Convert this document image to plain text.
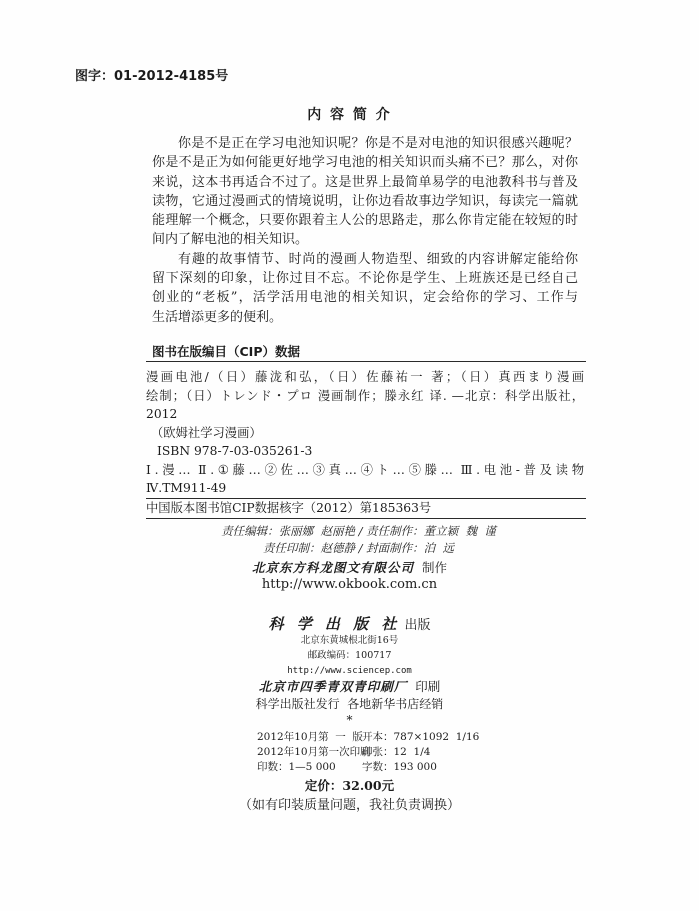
图字：01-2012-4185号
内 容 简 介
你是不是正在学习电池知识呢？你是不是对电池的知识很感兴趣呢？
你是不是正为如何能更好地学习电池的相关知识而头痛不已？那么，对你
来说，这本书再适合不过了。这是世界上最简单易学的电池教科书与普及
读物，它通过漫画式的情境说明，让你边看故事边学知识，每读完一篇就
能理解一个概念，只要你跟着主人公的思路走，那么你肯定能在较短的时
间内了解电池的相关知识。
有趣的故事情节、时尚的漫画人物造型、细致的内容讲解定能给你
留下深刻的印象，让你过目不忘。不论你是学生、上班族还是已经自己
创业的“老板”，活学活用电池的相关知识，定会给你的学习、工作与
生活增添更多的便利。
图书在版编目（CIP）数据
漫画电池/（日）藤泷和弘，（日）佐藤祐一 著；（日）真西まり漫画
绘制；（日）トレンド・プロ 漫画制作；滕永红 译. —北京：科学出版社，
2012
（欧姆社学习漫画）
ISBN 978-7-03-035261-3
Ⅰ.漫… Ⅱ.①藤…②佐…③真…④ト…⑤滕… Ⅲ.电池-普及读物
Ⅳ.TM911-49
中国版本图书馆CIP数据核字（2012）第185363号
责任编辑：张丽娜  赵丽艳 / 责任制作：董立颖  魏  谨
责任印制：赵德静 / 封面制作：泊  远
北京东方科龙图文有限公司 制作
http://www.okbook.com.cn
科 学 出 版 社 出版
北京东黄城根北街16号
邮政编码：100717
http://www.sciencep.com
北京市四季青双青印刷厂 印刷
科学出版社发行  各地新华书店经销
*
2012年10月第  一  版 开本：787×1092  1/16
2012年10月第一次印刷
印张：12  1/4
印数：1—5 000	字数：193 000
定价：32.00元
（如有印装质量问题，我社负责调换）
